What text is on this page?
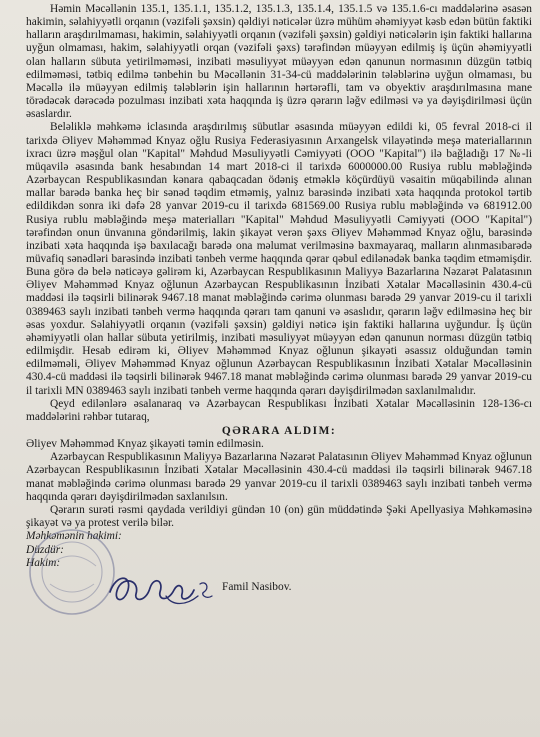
Həmin Məcəllənin 135.1, 135.1.1, 135.1.2, 135.1.3, 135.1.4, 135.1.5 və 135.1.6-cı maddələrinə əsasən hakimin, səlahiyyətli orqanın (vəzifəli şəxsin) qəldiyi nəticələr üzrə mühüm əhəmiyyət kəsb edən bütün faktiki halların araşdırılmaması, hakimin, səlahiyyətli orqanın (vəzifəli şəxsin) gəldiyi nəticələrin işin faktiki hallarına uyğun olmaması, hakim, səlahiyyətli orqan (vəzifəli şəxs) tərəfindən müəyyən edilmiş iş üçün əhəmiyyətli olan halların sübuta yetirilməməsi, inzibati məsuliyyət müəyyən edən qanunun normasının düzgün tətbiq edilməməsi, tətbiq edilmə tənbehin bu Məcəllənin 31-34-cü maddələrinin tələblərinə uyğun olmaması, bu Məcəllə ilə müəyyən edilmiş tələblərin işin hallarının hərtərəfli, tam və obyektiv araşdırılmasına mane törədəcək dərəcədə pozulması inzibati xəta haqqında iş üzrə qərarın ləğv edilməsi və ya dəyişdirilməsi üçün əsaslardır.

Beləliklə məhkəmə iclasında araşdırılmış sübutlar əsasında müəyyən edildi ki, 05 fevral 2018-ci il tarixdə Əliyev Məhəmməd Knyaz oğlu Rusiya Federasiyasının Arxangelsk vilayətində meşə materiallarının ixracı üzrə məşğul olan "Kapital" Məhdud Məsuliyyətli Cəmiyyəti (OOO "Kapital") ilə bağladığı 17 №-li müqavilə əsasında bank hesabından 14 mart 2018-ci il tarixdə 6000000.00 Rusiya rublu məbləğində Azərbaycan Respublikasından kənara qabaqcadan ödəniş etməklə köçürdüyü vəsaitin müqabilində alınan mallar barədə banka heç bir sənəd təqdim etməmiş, yalnız barəsində inzibati xəta haqqında protokol tərtib edildikdən sonra iki dəfə 28 yanvar 2019-cu il tarixdə 681569.00 Rusiya rublu məbləğində və 681912.00 Rusiya rublu məbləğində meşə materialları "Kapital" Məhdud Məsuliyyətli Cəmiyyəti (OOO "Kapital") tərəfindən onun ünvanına göndərilmiş, lakin şikayət verən şəxs Əliyev Məhəmməd Knyaz oğlu, barəsində inzibati xəta haqqında işə baxılacağı barədə ona məlumat verilməsinə baxmayaraq, malların alınmasıbarədə müvafiq sənədləri barəsində inzibati tənbeh verme haqqında qərar qəbul edilənədək banka təqdim etməmişdir. Buna görə də belə nəticəyə gəlirəm ki, Azərbaycan Respublikasının Maliyyə Bazarlarına Nəzarət Palatasının Əliyev Məhəmməd Knyaz oğlunun Azərbaycan Respublikasının İnzibati Xətalar Məcəlləsinin 430.4-cü maddəsi ilə təqsirli bilinərək 9467.18 manat məbləğində cərimə olunması barədə 29 yanvar 2019-cu il tarixli 0389463 saylı inzibati tənbeh vermə haqqında qərarı tam qanuni və əsaslıdır, qərarın ləğv edilməsinə heç bir əsas yoxdur. Səlahiyyətli orqanın (vəzifəli şəxsin) gəldiyi nəticə işin faktiki hallarına uyğundur. İş üçün əhəmiyyətli olan hallar sübuta yetirilmiş, inzibati məsuliyyət müəyyən edən qanunun norması düzgün tətbiq edilmişdir. Hesab edirəm ki, Əliyev Məhəmməd Knyaz oğlunun şikayəti əsassız olduğundan təmin edilməməli, Əliyev Məhəmməd Knyaz oğlunun Azərbaycan Respublikasının İnzibati Xətalar Məcəlləsinin 430.4-cü maddəsi ilə təqsirli bilinərək 9467.18 manat məbləğində cərimə olunması barədə 29 yanvar 2019-cu il tarixli MN 0389463 saylı inzibati tənbeh verme haqqında qərarı dəyişdirilmədən saxlanılmalıdır.

Qeyd edilənlərə əsalanaraq və Azərbaycan Respublikası İnzibati Xətalar Məcəlləsinin 128-136-cı maddələrini rəhbər tutaraq,

QƏRARA ALDIM:

Əliyev Məhəmməd Knyaz şikayəti təmin edilməsin.

Azərbaycan Respublikasının Maliyyə Bazarlarına Nəzarət Palatasının Əliyev Məhəmməd Knyaz oğlunun Azərbaycan Respublikasının İnzibati Xətalar Məcəlləsinin 430.4-cü maddəsi ilə təqsirli bilinərək 9467.18 manat məbləğində cərimə olunması barədə 29 yanvar 2019-cu il tarixli 0389463 saylı inzibati tənbeh vermə haqqında qərarı dəyişdirilmədən saxlanılsın.

Qərarın surəti rəsmi qaydada verildiyi gündən 10 (on) gün müddətində Şəki Apellyasiya Məhkəməsinə şikayət və ya protest verilə bilər.

Məhkəmənin hakimi:
Düzdür:
Hakim:
Famil Nasibov.
